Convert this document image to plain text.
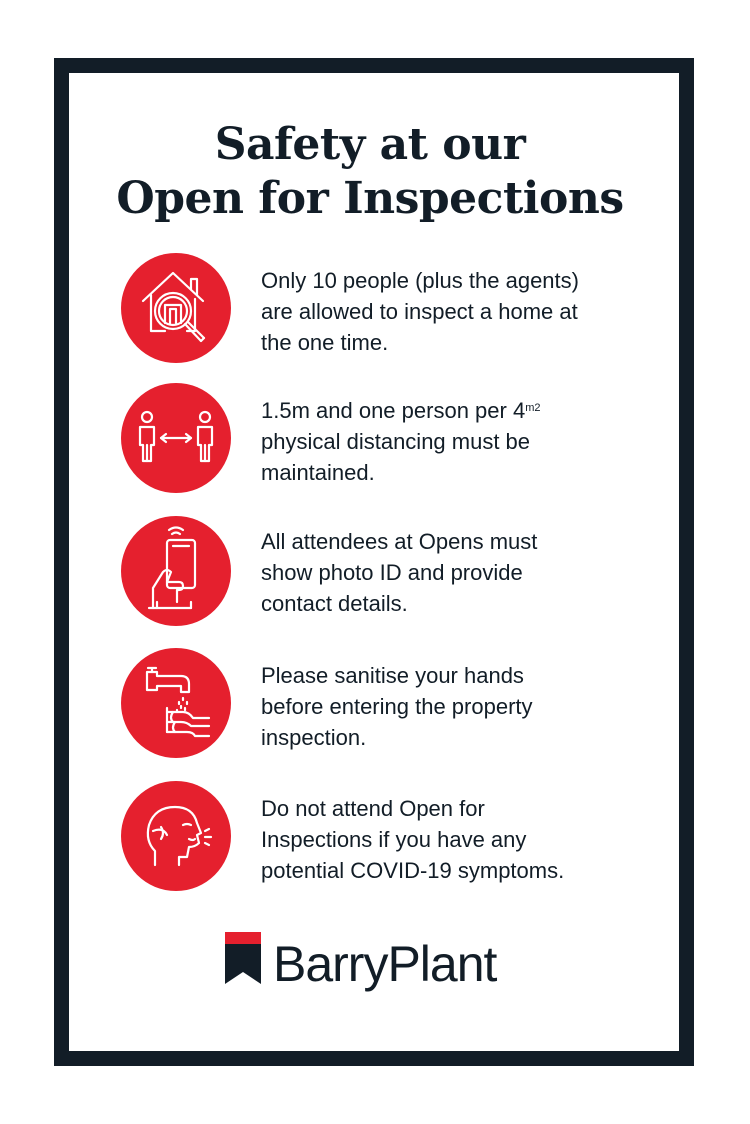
Safety at our
Open for Inspections
Only 10 people (plus the agents)
are allowed to inspect a home at
the one time.
1.5m and one person per $4^{m2}$
physical distancing must be
maintained.
All attendees at Opens must
show photo ID and provide
contact details.
Please sanitise your hands
before entering the property
inspection.
Do not attend Open for
Inspections if you have any
potential COVID-19 symptoms.
BarryPlant
